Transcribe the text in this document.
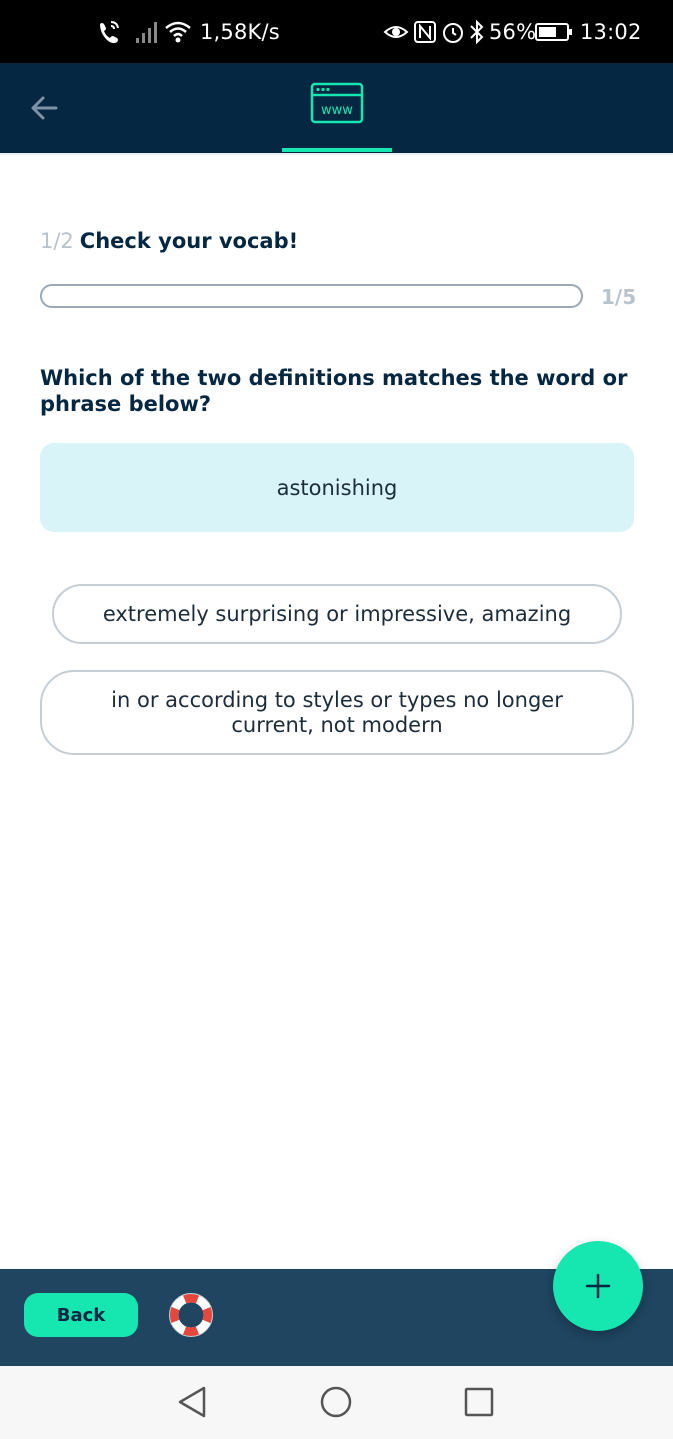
1,58K/s	56% 13:02
www
1/2 Check your vocab!
1/5
Which of the two definitions matches the word or phrase below?
astonishing
extremely surprising or impressive, amazing
in or according to styles or types no longer current, not modern
Back
